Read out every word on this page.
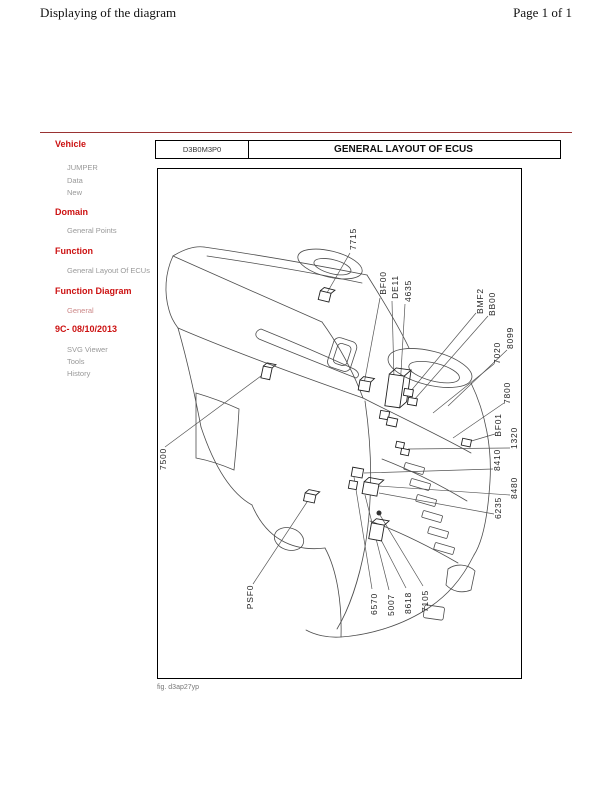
Displaying of the diagram	Page 1 of 1
Vehicle
JUMPER
Data
New
Domain
General Points
Function
General Layout Of ECUs
Function Diagram
General
9C- 08/10/2013
SVG Viewer
Tools
History
D3B0M3P0	GENERAL LAYOUT OF ECUS
7715
BF00 DE11 4635	BMF2 BB00
8099
7020
7800
BF01
1320
8410
8480
6235
7500
PSF0	6570 5007 8618 7105
fig. d3ap27yp
